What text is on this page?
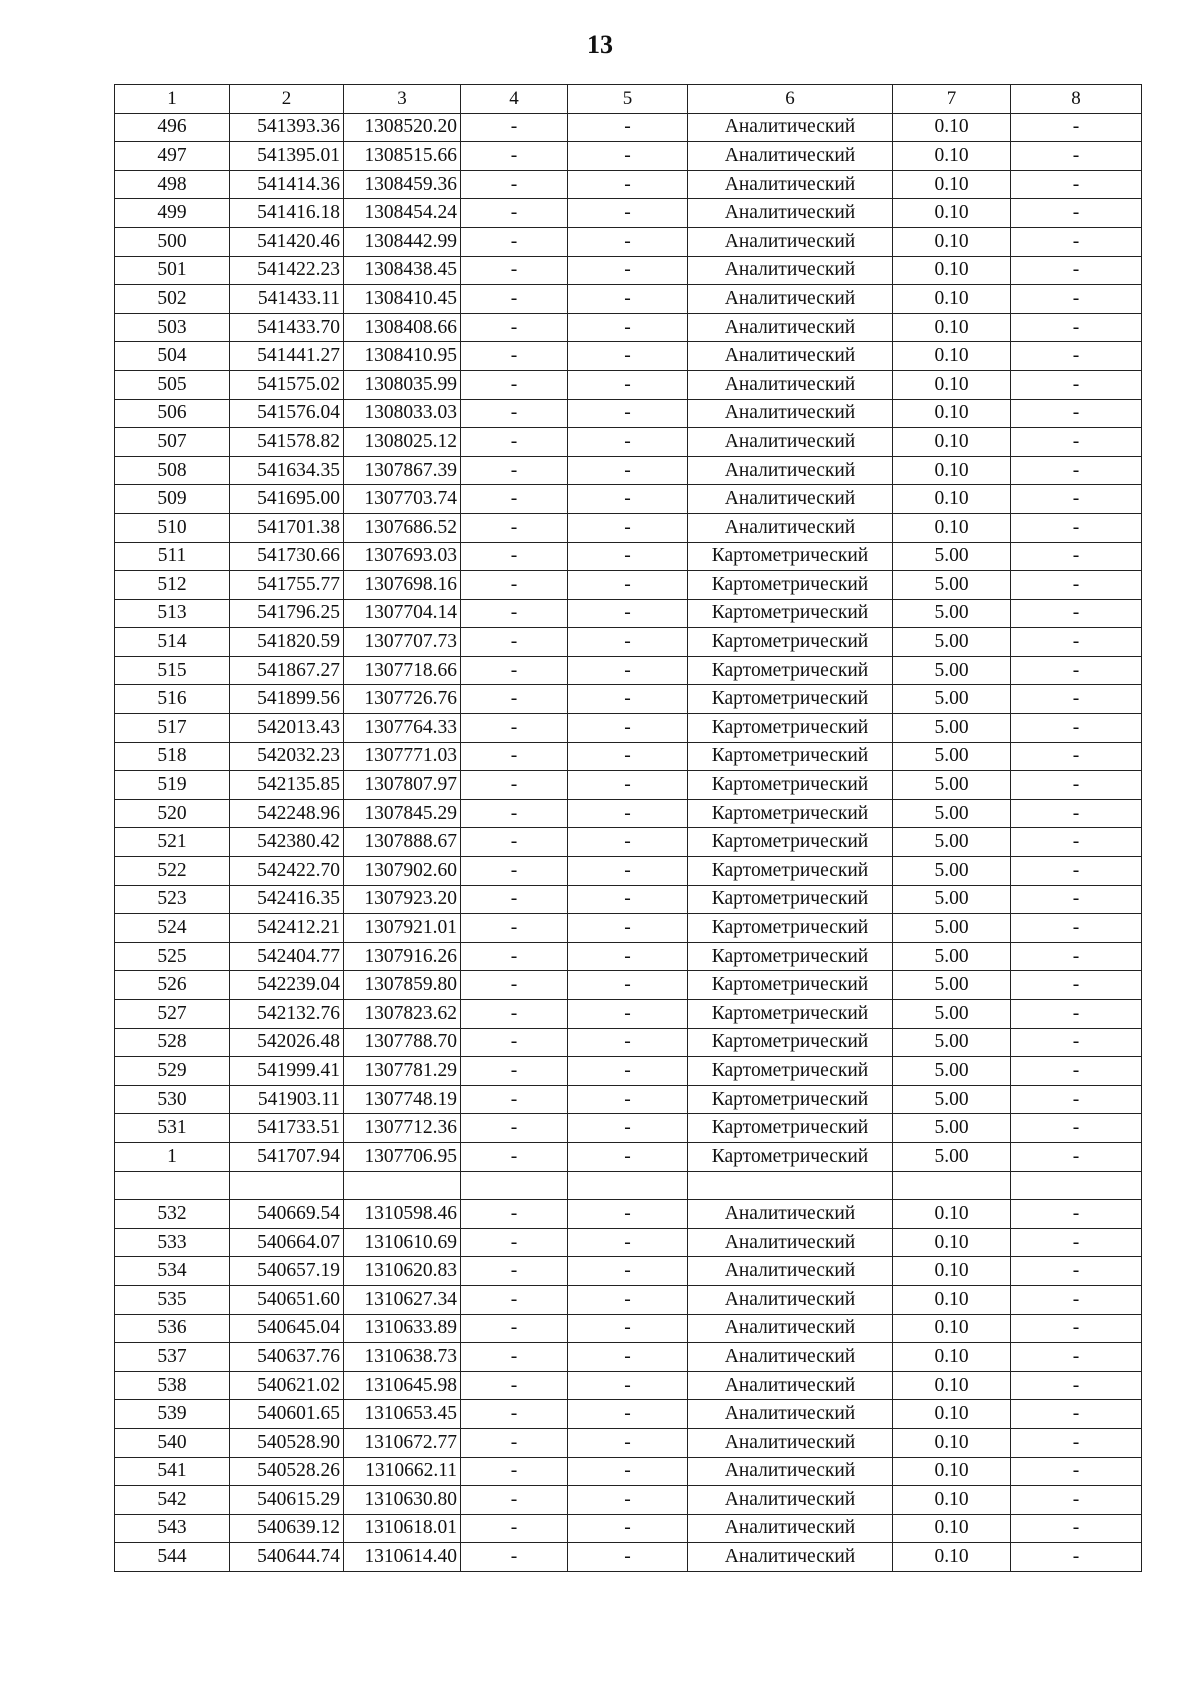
13
1	2	3	4	5	6	7	8
496	541393.36	1308520.20	-	-	Аналитический	0.10	-
497	541395.01	1308515.66	-	-	Аналитический	0.10	-
498	541414.36	1308459.36	-	-	Аналитический	0.10	-
499	541416.18	1308454.24	-	-	Аналитический	0.10	-
500	541420.46	1308442.99	-	-	Аналитический	0.10	-
501	541422.23	1308438.45	-	-	Аналитический	0.10	-
502	541433.11	1308410.45	-	-	Аналитический	0.10	-
503	541433.70	1308408.66	-	-	Аналитический	0.10	-
504	541441.27	1308410.95	-	-	Аналитический	0.10	-
505	541575.02	1308035.99	-	-	Аналитический	0.10	-
506	541576.04	1308033.03	-	-	Аналитический	0.10	-
507	541578.82	1308025.12	-	-	Аналитический	0.10	-
508	541634.35	1307867.39	-	-	Аналитический	0.10	-
509	541695.00	1307703.74	-	-	Аналитический	0.10	-
510	541701.38	1307686.52	-	-	Аналитический	0.10	-
511	541730.66	1307693.03	-	-	Картометрический	5.00	-
512	541755.77	1307698.16	-	-	Картометрический	5.00	-
513	541796.25	1307704.14	-	-	Картометрический	5.00	-
514	541820.59	1307707.73	-	-	Картометрический	5.00	-
515	541867.27	1307718.66	-	-	Картометрический	5.00	-
516	541899.56	1307726.76	-	-	Картометрический	5.00	-
517	542013.43	1307764.33	-	-	Картометрический	5.00	-
518	542032.23	1307771.03	-	-	Картометрический	5.00	-
519	542135.85	1307807.97	-	-	Картометрический	5.00	-
520	542248.96	1307845.29	-	-	Картометрический	5.00	-
521	542380.42	1307888.67	-	-	Картометрический	5.00	-
522	542422.70	1307902.60	-	-	Картометрический	5.00	-
523	542416.35	1307923.20	-	-	Картометрический	5.00	-
524	542412.21	1307921.01	-	-	Картометрический	5.00	-
525	542404.77	1307916.26	-	-	Картометрический	5.00	-
526	542239.04	1307859.80	-	-	Картометрический	5.00	-
527	542132.76	1307823.62	-	-	Картометрический	5.00	-
528	542026.48	1307788.70	-	-	Картометрический	5.00	-
529	541999.41	1307781.29	-	-	Картометрический	5.00	-
530	541903.11	1307748.19	-	-	Картометрический	5.00	-
531	541733.51	1307712.36	-	-	Картометрический	5.00	-
1	541707.94	1307706.95	-	-	Картометрический	5.00	-

532	540669.54	1310598.46	-	-	Аналитический	0.10	-
533	540664.07	1310610.69	-	-	Аналитический	0.10	-
534	540657.19	1310620.83	-	-	Аналитический	0.10	-
535	540651.60	1310627.34	-	-	Аналитический	0.10	-
536	540645.04	1310633.89	-	-	Аналитический	0.10	-
537	540637.76	1310638.73	-	-	Аналитический	0.10	-
538	540621.02	1310645.98	-	-	Аналитический	0.10	-
539	540601.65	1310653.45	-	-	Аналитический	0.10	-
540	540528.90	1310672.77	-	-	Аналитический	0.10	-
541	540528.26	1310662.11	-	-	Аналитический	0.10	-
542	540615.29	1310630.80	-	-	Аналитический	0.10	-
543	540639.12	1310618.01	-	-	Аналитический	0.10	-
544	540644.74	1310614.40	-	-	Аналитический	0.10	-
